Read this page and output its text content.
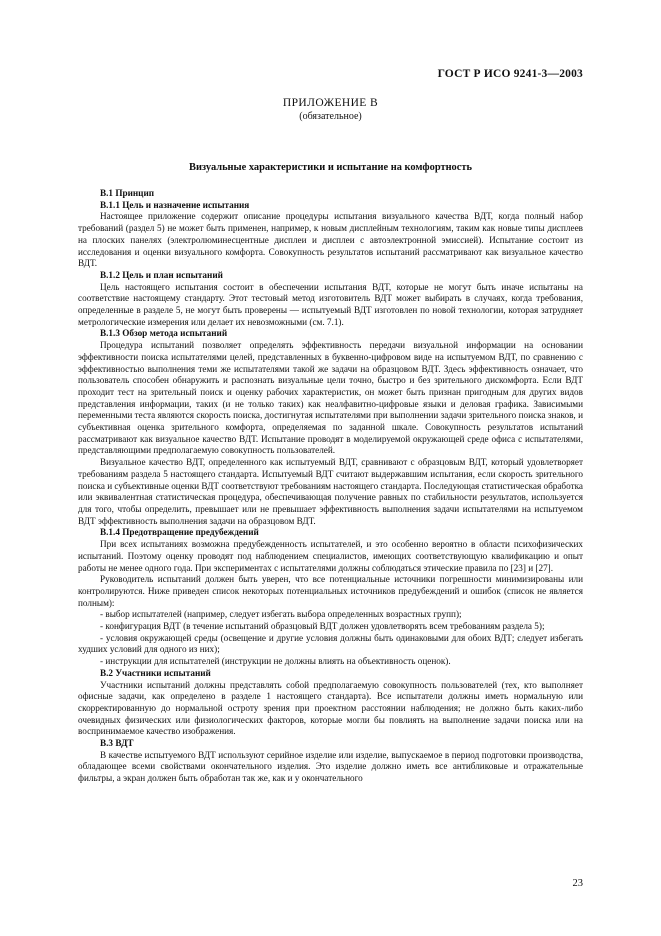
ГОСТ Р ИСО 9241-3—2003
ПРИЛОЖЕНИЕ В
(обязательное)
Визуальные характеристики и испытание на комфортность

В.1 Принцип

В.1.1 Цель и назначение испытания

Настоящее приложение содержит описание процедуры испытания визуального качества ВДТ, когда полный набор требований (раздел 5) не может быть применен, например, к новым дисплейным технологиям, таким как новые типы дисплеев на плоских панелях (электролюминесцентные дисплеи и дисплеи с автоэлектронной эмиссией). Испытание состоит из исследования и оценки визуального комфорта. Совокупность результатов испытаний рассматривают как визуальное качество ВДТ.

В.1.2 Цель и план испытаний

Цель настоящего испытания состоит в обеспечении испытания ВДТ, которые не могут быть иначе испытаны на соответствие настоящему стандарту. Этот тестовый метод изготовитель ВДТ может выбирать в случаях, когда требования, определенные в разделе 5, не могут быть проверены — испытуемый ВДТ изготовлен по новой технологии, которая затрудняет метрологические измерения или делает их невозможными (см. 7.1).

В.1.3 Обзор метода испытаний

Процедура испытаний позволяет определять эффективность передачи визуальной информации на основании эффективности поиска испытателями целей, представленных в буквенно-цифровом виде на испытуемом ВДТ, по сравнению с эффективностью выполнения теми же испытателями такой же задачи на образцовом ВДТ. Здесь эффективность означает, что пользователь способен обнаружить и распознать визуальные цели точно, быстро и без зрительного дискомфорта. Если ВДТ проходит тест на зрительный поиск и оценку рабочих характеристик, он может быть признан пригодным для других видов представления информации, таких (и не только таких) как неалфавитно-цифровые языки и деловая графика. Зависимыми переменными теста являются скорость поиска, достигнутая испытателями при выполнении задачи зрительного поиска знаков, и субъективная оценка зрительного комфорта, определяемая по заданной шкале. Совокупность результатов испытаний рассматривают как визуальное качество ВДТ. Испытание проводят в моделируемой окружающей среде офиса с испытателями, представляющими предполагаемую совокупность пользователей.

Визуальное качество ВДТ, определенного как испытуемый ВДТ, сравнивают с образцовым ВДТ, который удовлетворяет требованиям раздела 5 настоящего стандарта. Испытуемый ВДТ считают выдержавшим испытания, если скорость зрительного поиска и субъективные оценки ВДТ соответствуют требованиям настоящего стандарта. Последующая статистическая обработка или эквивалентная статистическая процедура, обеспечивающая получение равных по стабильности результатов, используется для того, чтобы определить, превышает или не превышает эффективность выполнения задачи испытателями на испытуемом ВДТ эффективность выполнения задачи на образцовом ВДТ.

В.1.4 Предотвращение предубеждений

При всех испытаниях возможна предубежденность испытателей, и это особенно вероятно в области психофизических испытаний. Поэтому оценку проводят под наблюдением специалистов, имеющих соответствующую квалификацию и опыт работы не менее одного года. При экспериментах с испытателями должны соблюдаться этические правила по [23] и [27].

Руководитель испытаний должен быть уверен, что все потенциальные источники погрешности минимизированы или контролируются. Ниже приведен список некоторых потенциальных источников предубеждений и ошибок (список не является полным):

- выбор испытателей (например, следует избегать выбора определенных возрастных групп);
- конфигурация ВДТ (в течение испытаний образцовый ВДТ должен удовлетворять всем требованиям раздела 5);
- условия окружающей среды (освещение и другие условия должны быть одинаковыми для обоих ВДТ; следует избегать худших условий для одного из них);
- инструкции для испытателей (инструкции не должны влиять на объективность оценок).

В.2 Участники испытаний

Участники испытаний должны представлять собой предполагаемую совокупность пользователей (тех, кто выполняет офисные задачи, как определено в разделе 1 настоящего стандарта). Все испытатели должны иметь нормальную или скорректированную до нормальной остроту зрения при проектном расстоянии наблюдения; не должно быть каких-либо очевидных физических или физиологических факторов, которые могли бы повлиять на выполнение задачи поиска или на воспринимаемое качество изображения.

В.3 ВДТ

В качестве испытуемого ВДТ используют серийное изделие или изделие, выпускаемое в период подготовки производства, обладающее всеми свойствами окончательного изделия. Это изделие должно иметь все антибликовые и отражательные фильтры, а экран должен быть обработан так же, как и у окончательного

23
